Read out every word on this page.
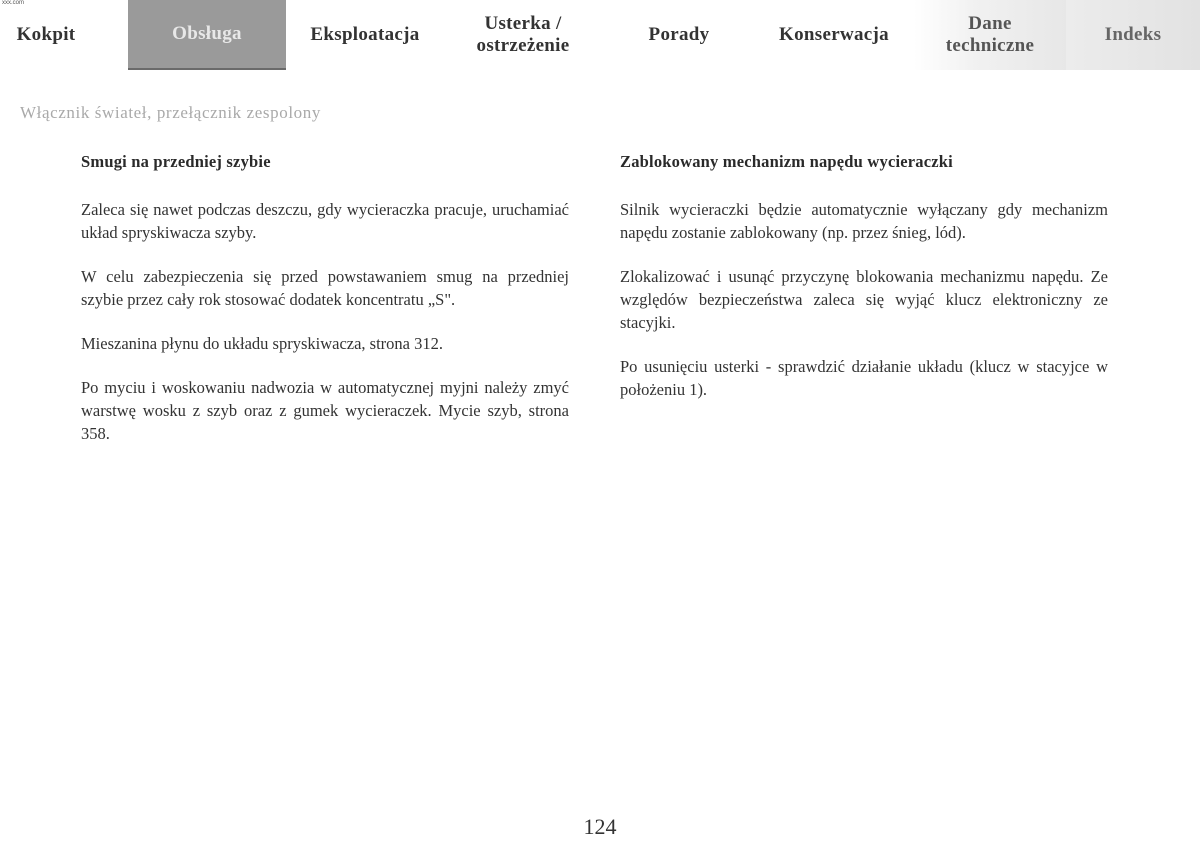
xxx.com
Kokpit	Obsługa	Eksploatacja
Usterka /
ostrzeżenie
Porady	Konserwacja
Dane
techniczne
Indeks
Włącznik świateł, przełącznik zespolony
Smugi na przedniej szybie

Zaleca się nawet podczas deszczu, gdy wycieraczka pracuje, uruchamiać układ spryskiwacza szyby.

W celu zabezpieczenia się przed powstawaniem smug na przedniej szybie przez cały rok stosować dodatek koncentratu „S".

Mieszanina płynu do układu spryskiwacza, strona 312.

Po myciu i woskowaniu nadwozia w automatycznej myjni należy zmyć warstwę wosku z szyb oraz z gumek wycieraczek. Mycie szyb, strona 358.

Zablokowany mechanizm napędu wycieraczki

Silnik wycieraczki będzie automatycznie wyłączany gdy mechanizm napędu zostanie zablokowany (np. przez śnieg, lód).

Zlokalizować i usunąć przyczynę blokowania mechanizmu napędu. Ze względów bezpieczeństwa zaleca się wyjąć klucz elektroniczny ze stacyjki.

Po usunięciu usterki - sprawdzić działanie układu (klucz w stacyjce w położeniu 1).

124
